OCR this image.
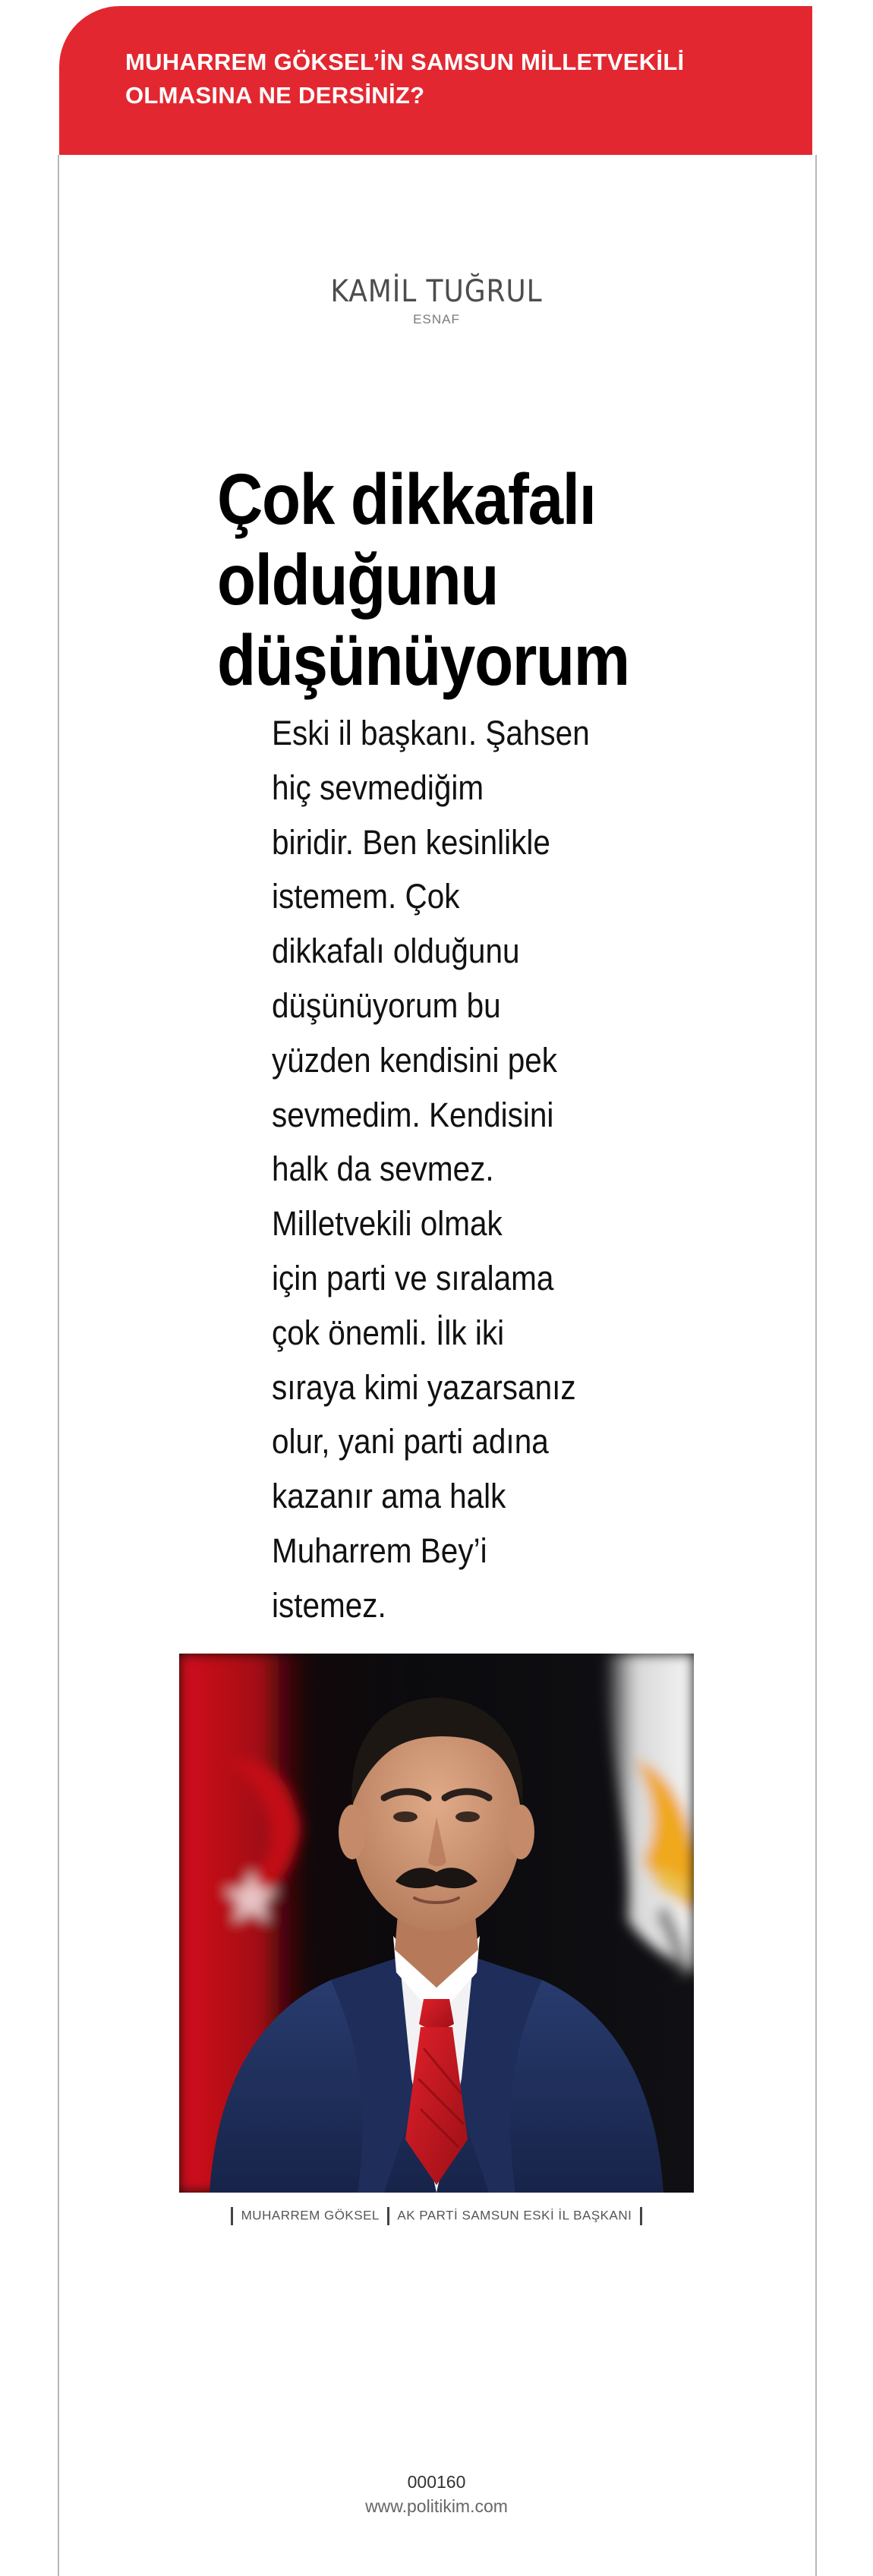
MUHARREM GÖKSEL’İN SAMSUN MİLLETVEKİLİ
OLMASINA NE DERSİNİZ?

KAMİL TUĞRUL
ESNAF
Çok dikkafalı
olduğunu
düşünüyorum

Eski il başkanı. Şahsen
hiç sevmediğim
biridir. Ben kesinlikle
istemem. Çok
dikkafalı olduğunu
düşünüyorum bu
yüzden kendisini pek
sevmedim. Kendisini
halk da sevmez.
Milletvekili olmak
için parti ve sıralama
çok önemli. İlk iki
sıraya kimi yazarsanız
olur, yani parti adına
kazanır ama halk
Muharrem Bey’i
istemez.

MUHARREM GÖKSEL AK PARTİ SAMSUN ESKİ İL BAŞKANI
000160
www.politikim.com
